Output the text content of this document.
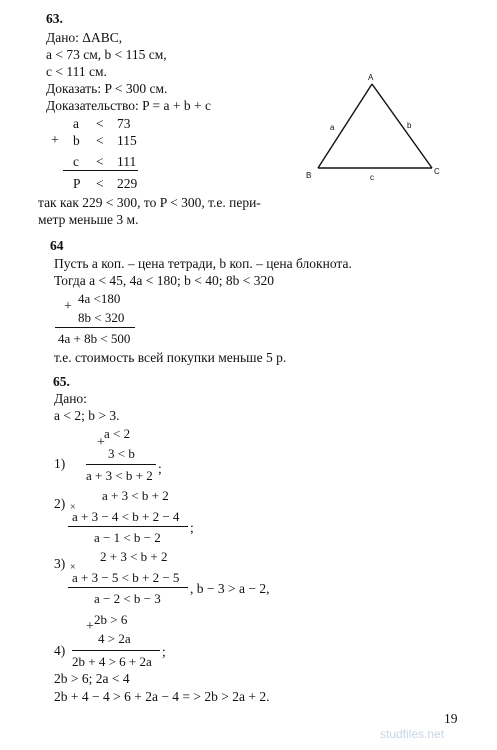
63.
Дано: ΔABC,
a < 73 см, b < 115 см,
c < 111 см.
Доказать: P < 300 см.
Доказательство: P = a + b + c
a < 73
+ b < 115
c < 111
P < 229
так как 229 < 300, то P < 300, т.е. пери-
метр меньше 3 м.
A
B	C
a	b
c
64
Пусть a коп. – цена тетради, b коп. – цена блокнота.
Тогда a < 45, 4a < 180; b < 40; 8b < 320
4a <180
+
8b < 320
4a + 8b < 500
т.е. стоимость всей покупки меньше 5 р.
65.
Дано:
a < 2; b > 3.
a < 2
+
1)
3 < b
a + 3 < b + 2 ;
a + 3 < b + 2
2) ×
a + 3 − 4 < b + 2 − 4
;
a − 1 < b − 2
2 + 3 < b + 2
3) ×
a + 3 − 5 < b + 2 − 5
, b − 3 > a − 2,
a − 2 < b − 3
2b > 6
+
4 > 2a
4)	;
2b + 4 > 6 + 2a
2b > 6; 2a < 4
2b + 4 − 4 > 6 + 2a − 4 = > 2b > 2a + 2.
studfiles.net
19
